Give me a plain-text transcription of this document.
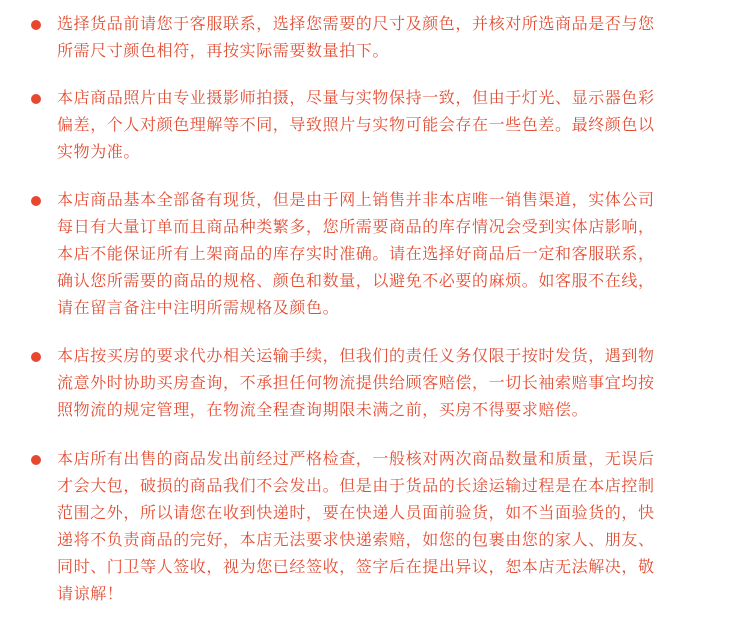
选择货品前请您于客服联系，选择您需要的尺寸及颜色，并核对所选商品是否与您
所需尺寸颜色相符，再按实际需要数量拍下。

本店商品照片由专业摄影师拍摄，尽量与实物保持一致，但由于灯光、显示器色彩
偏差，个人对颜色理解等不同，导致照片与实物可能会存在一些色差。最终颜色以
实物为准。

本店商品基本全部备有现货，但是由于网上销售并非本店唯一销售渠道，实体公司
每日有大量订单而且商品种类繁多，您所需要商品的库存情况会受到实体店影响，
本店不能保证所有上架商品的库存实时准确。请在选择好商品后一定和客服联系，
确认您所需要的商品的规格、颜色和数量，以避免不必要的麻烦。如客服不在线，
请在留言备注中注明所需规格及颜色。

本店按买房的要求代办相关运输手续，但我们的责任义务仅限于按时发货，遇到物
流意外时协助买房查询，不承担任何物流提供给顾客赔偿，一切长袖索赔事宜均按
照物流的规定管理，在物流全程查询期限未满之前，买房不得要求赔偿。

本店所有出售的商品发出前经过严格检查，一般核对两次商品数量和质量，无误后
才会大包，破损的商品我们不会发出。但是由于货品的长途运输过程是在本店控制
范围之外，所以请您在收到快递时，要在快递人员面前验货，如不当面验货的，快
递将不负责商品的完好，本店无法要求快递索赔，如您的包裹由您的家人、朋友、
同时、门卫等人签收，视为您已经签收，签字后在提出异议，恕本店无法解决，敬
请谅解！
